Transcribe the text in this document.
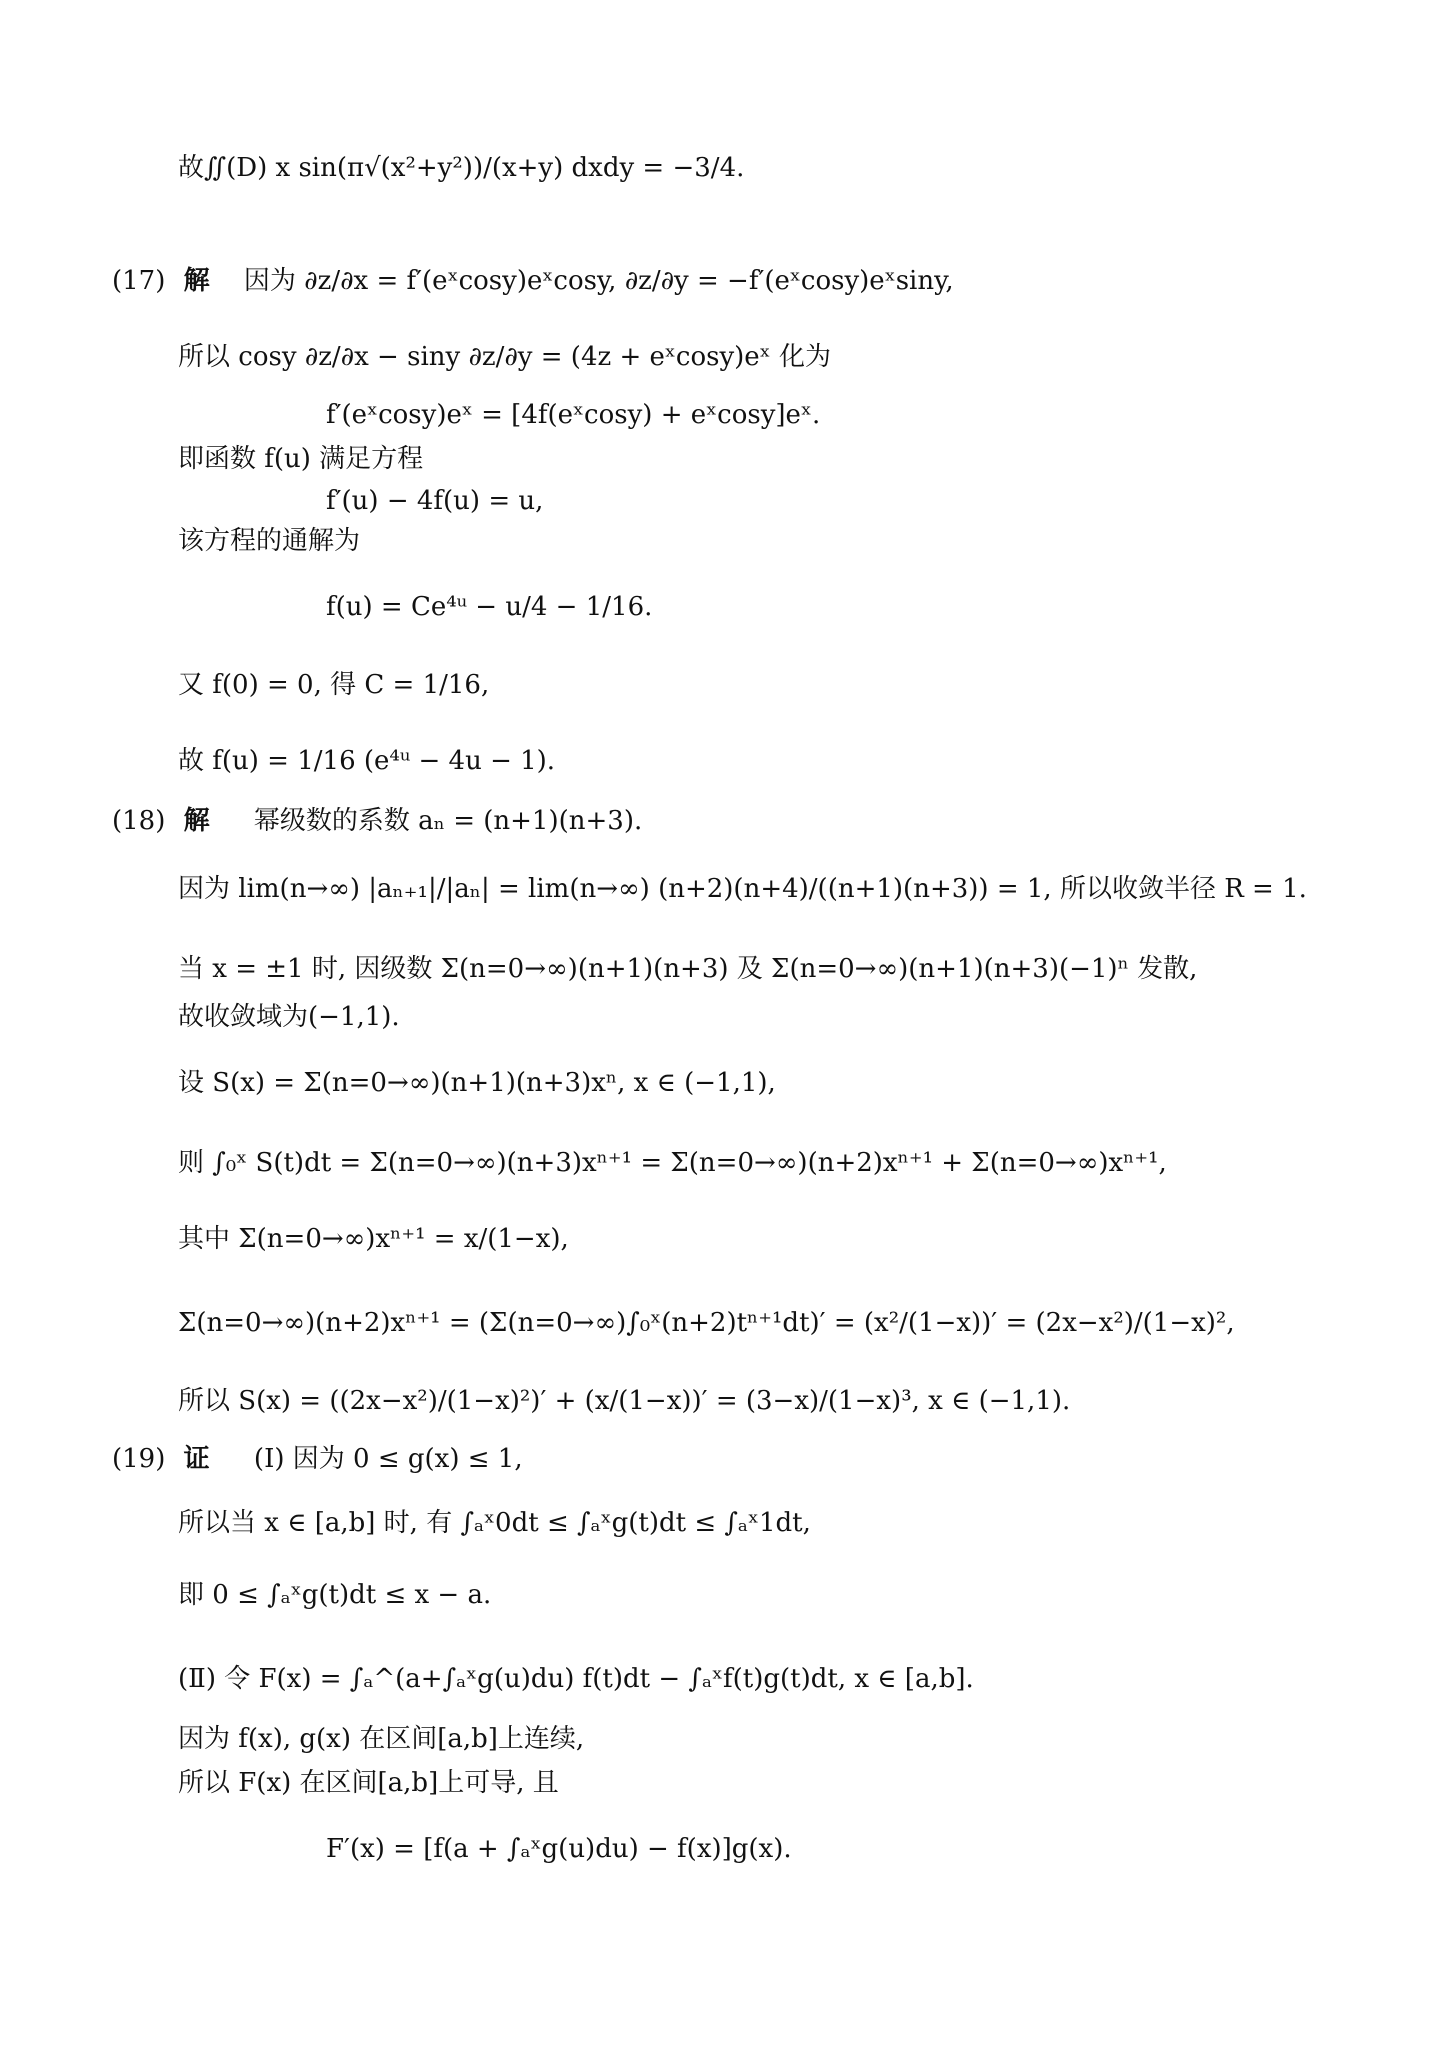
故∬(D) x sin(π√(x²+y²))/(x+y) dxdy = −3/4.
(17) 解 因为 ∂z/∂x = f′(eˣcosy)eˣcosy, ∂z/∂y = −f′(eˣcosy)eˣsiny,
所以 cosy ∂z/∂x − siny ∂z/∂y = (4z + eˣcosy)eˣ 化为
f′(eˣcosy)eˣ = [4f(eˣcosy) + eˣcosy]eˣ.
即函数 f(u) 满足方程
f′(u) − 4f(u) = u,
该方程的通解为
f(u) = Ce⁴ᵘ − u/4 − 1/16.
又 f(0) = 0, 得 C = 1/16,
故 f(u) = 1/16 (e⁴ᵘ − 4u − 1).
(18) 解 幂级数的系数 aₙ = (n+1)(n+3).
因为 lim(n→∞) |aₙ₊₁|/|aₙ| = lim(n→∞) (n+2)(n+4)/((n+1)(n+3)) = 1, 所以收敛半径 R = 1.
当 x = ±1 时, 因级数 Σ(n=0→∞)(n+1)(n+3) 及 Σ(n=0→∞)(n+1)(n+3)(−1)ⁿ 发散,
故收敛域为(−1,1).
设 S(x) = Σ(n=0→∞)(n+1)(n+3)xⁿ, x ∈ (−1,1),
则 ∫₀ˣ S(t)dt = Σ(n=0→∞)(n+3)xⁿ⁺¹ = Σ(n=0→∞)(n+2)xⁿ⁺¹ + Σ(n=0→∞)xⁿ⁺¹,
其中 Σ(n=0→∞)xⁿ⁺¹ = x/(1−x),
Σ(n=0→∞)(n+2)xⁿ⁺¹ = (Σ(n=0→∞)∫₀ˣ(n+2)tⁿ⁺¹dt)′ = (x²/(1−x))′ = (2x−x²)/(1−x)²,
所以 S(x) = ((2x−x²)/(1−x)²)′ + (x/(1−x))′ = (3−x)/(1−x)³, x ∈ (−1,1).
(19) 证 (Ⅰ) 因为 0 ≤ g(x) ≤ 1,
所以当 x ∈ [a,b] 时, 有 ∫ₐˣ0dt ≤ ∫ₐˣg(t)dt ≤ ∫ₐˣ1dt,
即 0 ≤ ∫ₐˣg(t)dt ≤ x − a.
(Ⅱ) 令 F(x) = ∫ₐ^(a+∫ₐˣg(u)du) f(t)dt − ∫ₐˣf(t)g(t)dt, x ∈ [a,b].
因为 f(x), g(x) 在区间[a,b]上连续,
所以 F(x) 在区间[a,b]上可导, 且
F′(x) = [f(a + ∫ₐˣg(u)du) − f(x)]g(x).
